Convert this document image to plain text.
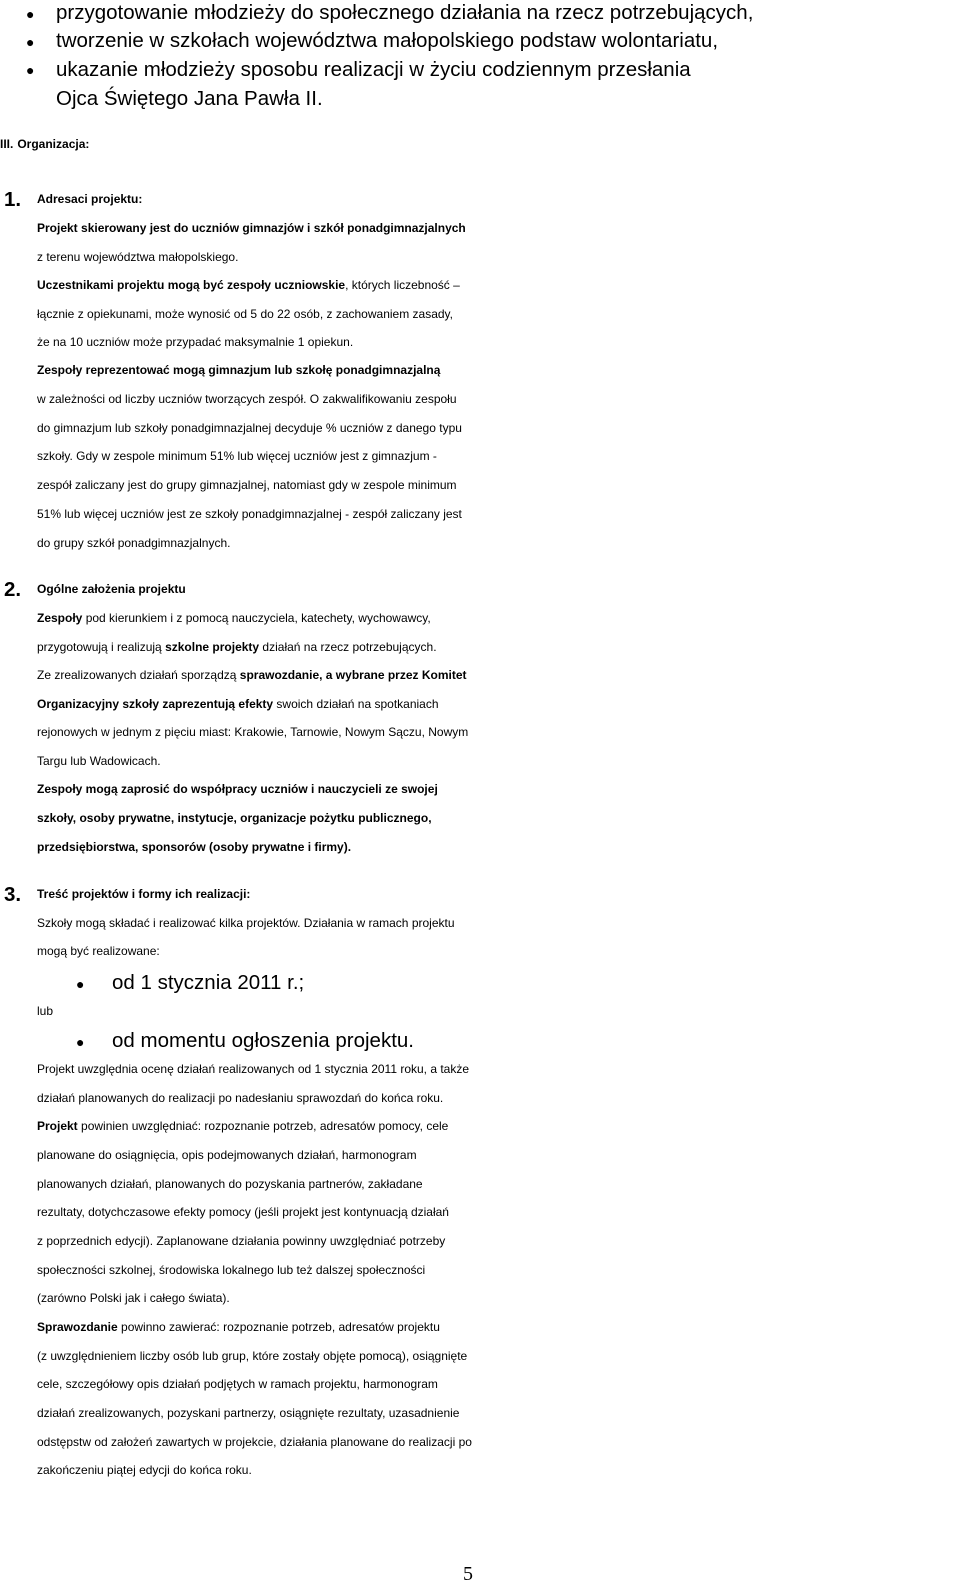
● przygotowanie młodzieży do społecznego działania na rzecz potrzebujących,
● tworzenie w szkołach województwa małopolskiego podstaw wolontariatu,
● ukazanie młodzieży sposobu realizacji w życiu codziennym przesłania
Ojca Świętego Jana Pawła II.
III. Organizacja:
1. Adresaci projektu:
Projekt skierowany jest do uczniów gimnazjów i szkół ponadgimnazjalnych
z terenu województwa małopolskiego.
Uczestnikami projektu mogą być zespoły uczniowskie, których liczebność –
łącznie z opiekunami, może wynosić od 5 do 22 osób, z zachowaniem zasady,
że na 10 uczniów może przypadać maksymalnie 1 opiekun.
Zespoły reprezentować mogą gimnazjum lub szkołę ponadgimnazjalną
w zależności od liczby uczniów tworzących zespół. O zakwalifikowaniu zespołu
do gimnazjum lub szkoły ponadgimnazjalnej decyduje % uczniów z danego typu
szkoły. Gdy w zespole minimum 51% lub więcej uczniów jest z gimnazjum -
zespół zaliczany jest do grupy gimnazjalnej, natomiast gdy w zespole minimum
51% lub więcej uczniów jest ze szkoły ponadgimnazjalnej - zespół zaliczany jest
do grupy szkół ponadgimnazjalnych.
2. Ogólne założenia projektu
Zespoły pod kierunkiem i z pomocą nauczyciela, katechety, wychowawcy,
przygotowują i realizują szkolne projekty działań na rzecz potrzebujących.
Ze zrealizowanych działań sporządzą sprawozdanie, a wybrane przez Komitet
Organizacyjny szkoły zaprezentują efekty swoich działań na spotkaniach
rejonowych w jednym z pięciu miast: Krakowie, Tarnowie, Nowym Sączu, Nowym
Targu lub Wadowicach.
Zespoły mogą zaprosić do współpracy uczniów i nauczycieli ze swojej
szkoły, osoby prywatne, instytucje, organizacje pożytku publicznego,
przedsiębiorstwa, sponsorów (osoby prywatne i firmy).
3. Treść projektów i formy ich realizacji:
Szkoły mogą składać i realizować kilka projektów. Działania w ramach projektu
mogą być realizowane:
● od 1 stycznia 2011 r.;
lub
● od momentu ogłoszenia projektu.
Projekt uwzględnia ocenę działań realizowanych od 1 stycznia 2011 roku, a także
działań planowanych do realizacji po nadesłaniu sprawozdań do końca roku.
Projekt powinien uwzględniać: rozpoznanie potrzeb, adresatów pomocy, cele
planowane do osiągnięcia, opis podejmowanych działań, harmonogram
planowanych działań, planowanych do pozyskania partnerów, zakładane
rezultaty, dotychczasowe efekty pomocy (jeśli projekt jest kontynuacją działań
z poprzednich edycji). Zaplanowane działania powinny uwzględniać potrzeby
społeczności szkolnej, środowiska lokalnego lub też dalszej społeczności
(zarówno Polski jak i całego świata).
Sprawozdanie powinno zawierać: rozpoznanie potrzeb, adresatów projektu
(z uwzględnieniem liczby osób lub grup, które zostały objęte pomocą), osiągnięte
cele, szczegółowy opis działań podjętych w ramach projektu, harmonogram
działań zrealizowanych, pozyskani partnerzy, osiągnięte rezultaty, uzasadnienie
odstępstw od założeń zawartych w projekcie, działania planowane do realizacji po
zakończeniu piątej edycji do końca roku.
5
